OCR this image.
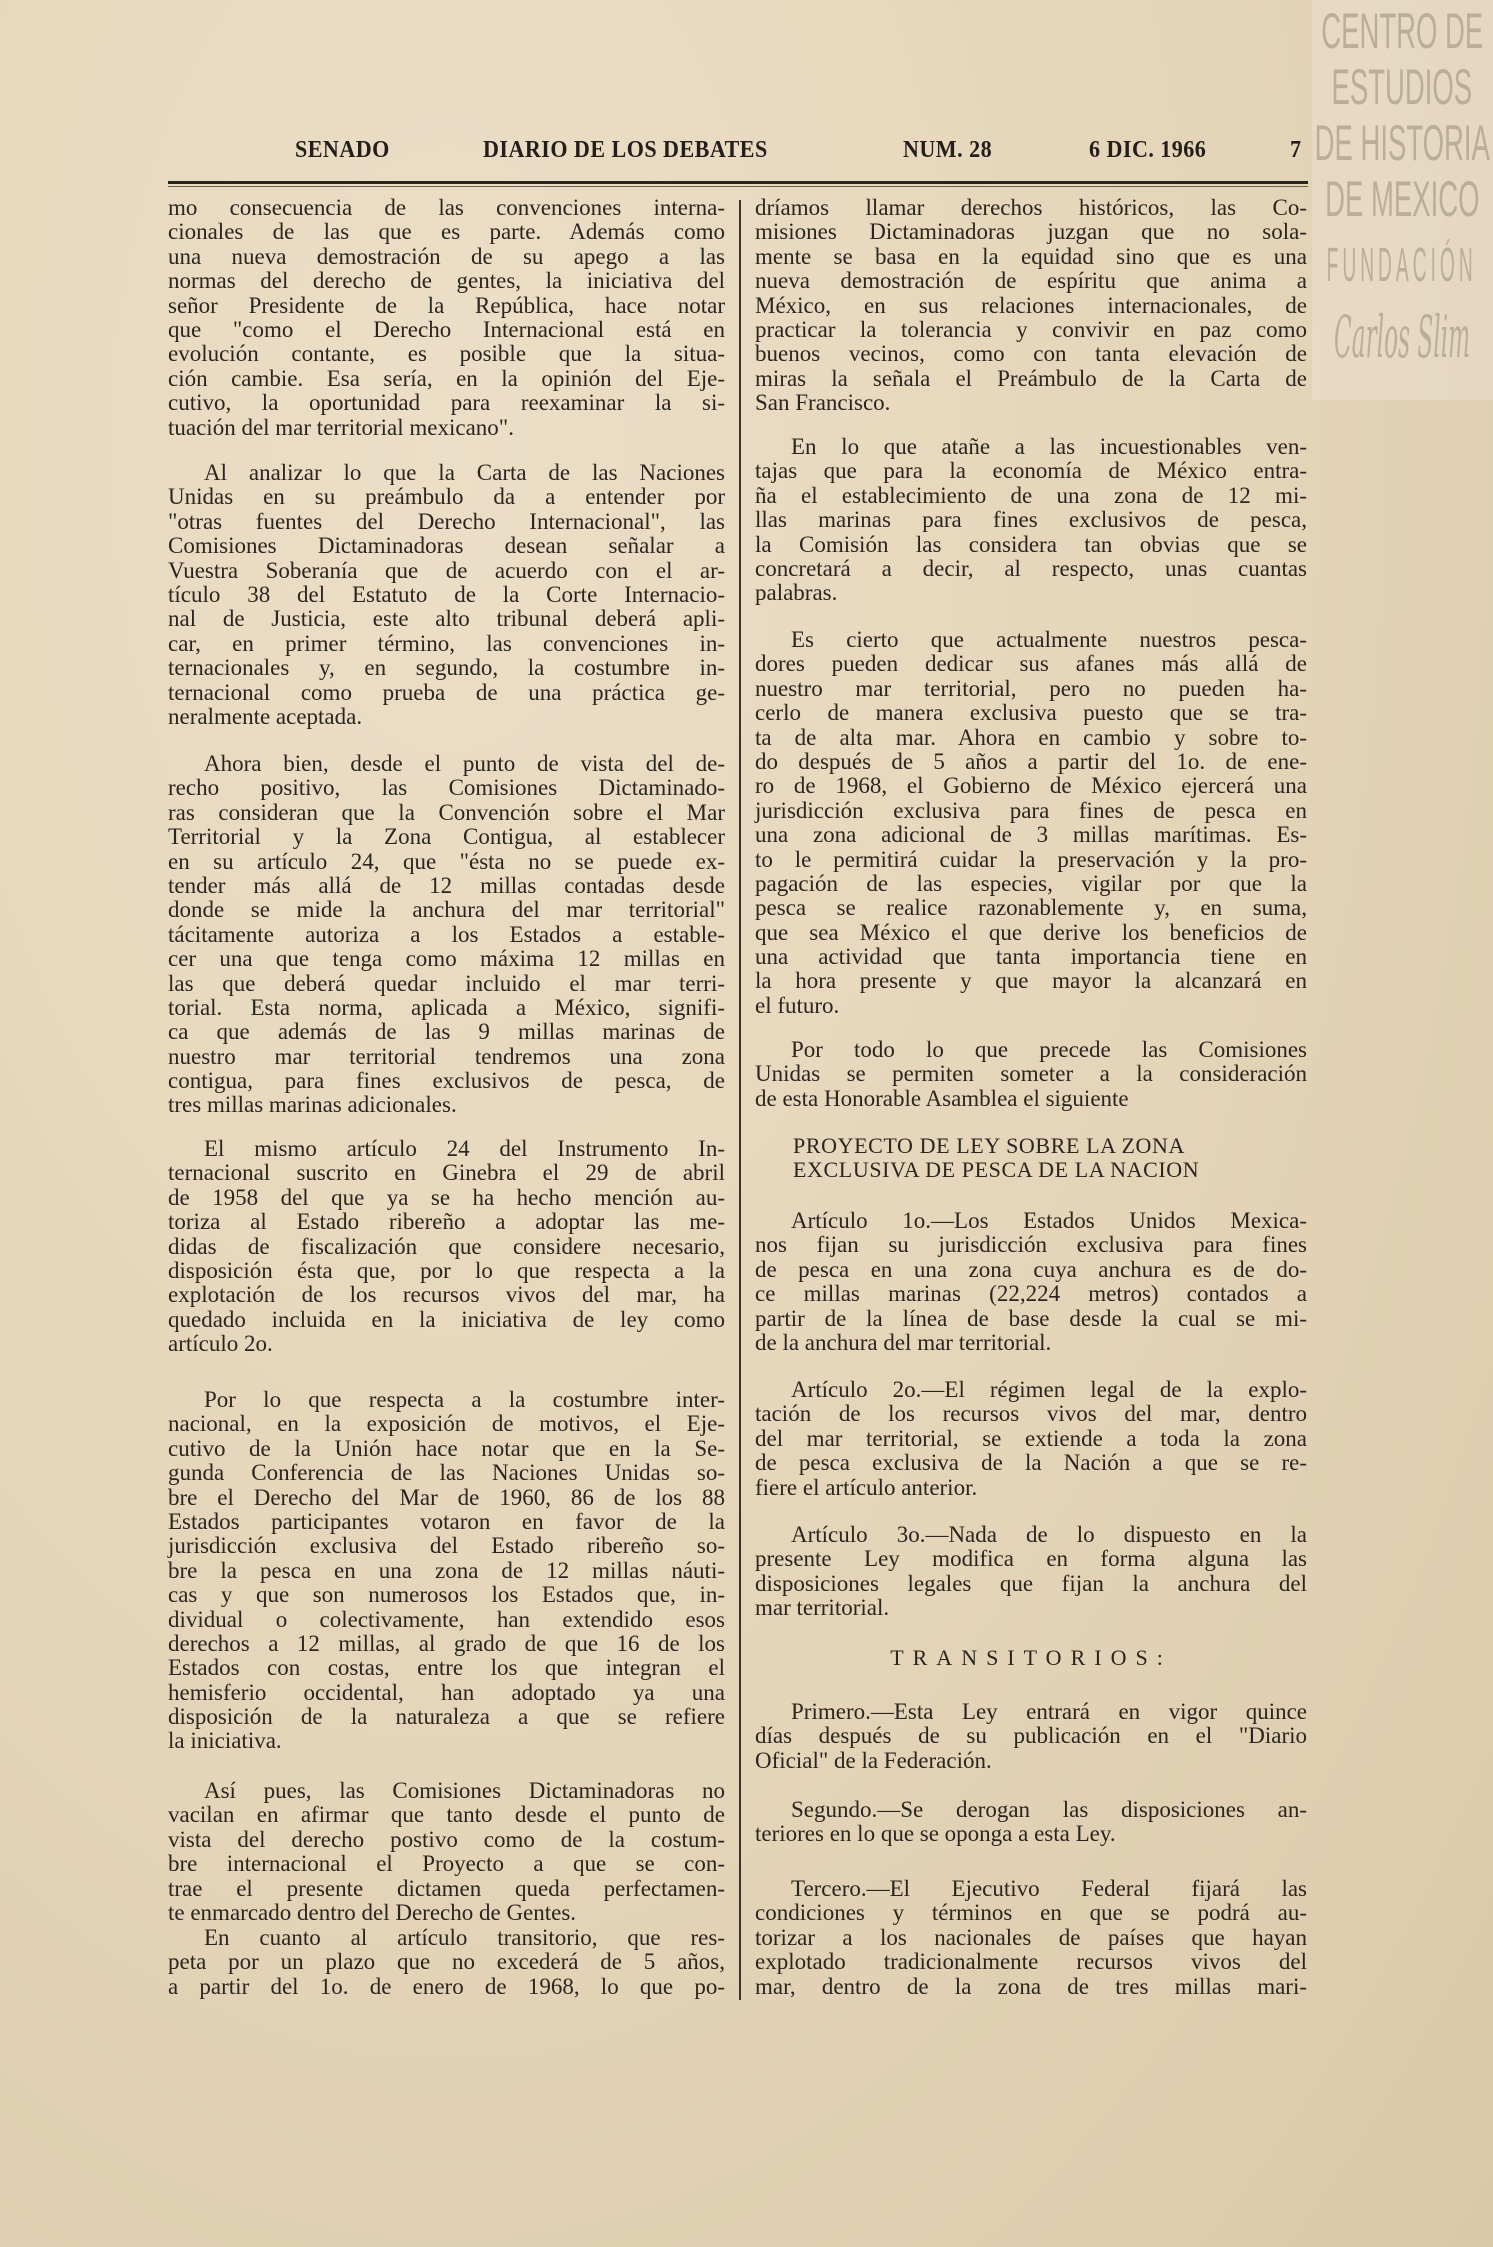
SENADO	DIARIO DE LOS DEBATES	NUM. 28	6 DIC. 1966	7
mo consecuencia de las convenciones interna-
cionales de las que es parte. Además como
una nueva demostración de su apego a las
normas del derecho de gentes, la iniciativa del
señor Presidente de la República, hace notar
que "como el Derecho Internacional está en
evolución contante, es posible que la situa-
ción cambie. Esa sería, en la opinión del Eje-
cutivo, la oportunidad para reexaminar la si-
tuación del mar territorial mexicano".
Al analizar lo que la Carta de las Naciones
Unidas en su preámbulo da a entender por
"otras fuentes del Derecho Internacional", las
Comisiones Dictaminadoras desean señalar a
Vuestra Soberanía que de acuerdo con el ar-
tículo 38 del Estatuto de la Corte Internacio-
nal de Justicia, este alto tribunal deberá apli-
car, en primer término, las convenciones in-
ternacionales y, en segundo, la costumbre in-
ternacional como prueba de una práctica ge-
neralmente aceptada.
Ahora bien, desde el punto de vista del de-
recho positivo, las Comisiones Dictaminado-
ras consideran que la Convención sobre el Mar
Territorial y la Zona Contigua, al establecer
en su artículo 24, que "ésta no se puede ex-
tender más allá de 12 millas contadas desde
donde se mide la anchura del mar territorial"
tácitamente autoriza a los Estados a estable-
cer una que tenga como máxima 12 millas en
las que deberá quedar incluido el mar terri-
torial. Esta norma, aplicada a México, signifi-
ca que además de las 9 millas marinas de
nuestro mar territorial tendremos una zona
contigua, para fines exclusivos de pesca, de
tres millas marinas adicionales.
El mismo artículo 24 del Instrumento In-
ternacional suscrito en Ginebra el 29 de abril
de 1958 del que ya se ha hecho mención au-
toriza al Estado ribereño a adoptar las me-
didas de fiscalización que considere necesario,
disposición ésta que, por lo que respecta a la
explotación de los recursos vivos del mar, ha
quedado incluida en la iniciativa de ley como
artículo 2o.
Por lo que respecta a la costumbre inter-
nacional, en la exposición de motivos, el Eje-
cutivo de la Unión hace notar que en la Se-
gunda Conferencia de las Naciones Unidas so-
bre el Derecho del Mar de 1960, 86 de los 88
Estados participantes votaron en favor de la
jurisdicción exclusiva del Estado ribereño so-
bre la pesca en una zona de 12 millas náuti-
cas y que son numerosos los Estados que, in-
dividual o colectivamente, han extendido esos
derechos a 12 millas, al grado de que 16 de los
Estados con costas, entre los que integran el
hemisferio occidental, han adoptado ya una
disposición de la naturaleza a que se refiere
la iniciativa.
Así pues, las Comisiones Dictaminadoras no
vacilan en afirmar que tanto desde el punto de
vista del derecho postivo como de la costum-
bre internacional el Proyecto a que se con-
trae el presente dictamen queda perfectamen-
te enmarcado dentro del Derecho de Gentes.
En cuanto al artículo transitorio, que res-
peta por un plazo que no excederá de 5 años,
a partir del 1o. de enero de 1968, lo que po-
dríamos llamar derechos históricos, las Co-
misiones Dictaminadoras juzgan que no sola-
mente se basa en la equidad sino que es una
nueva demostración de espíritu que anima a
México, en sus relaciones internacionales, de
practicar la tolerancia y convivir en paz como
buenos vecinos, como con tanta elevación de
miras la señala el Preámbulo de la Carta de
San Francisco.
En lo que atañe a las incuestionables ven-
tajas que para la economía de México entra-
ña el establecimiento de una zona de 12 mi-
llas marinas para fines exclusivos de pesca,
la Comisión las considera tan obvias que se
concretará a decir, al respecto, unas cuantas
palabras.
Es cierto que actualmente nuestros pesca-
dores pueden dedicar sus afanes más allá de
nuestro mar territorial, pero no pueden ha-
cerlo de manera exclusiva puesto que se tra-
ta de alta mar. Ahora en cambio y sobre to-
do después de 5 años a partir del 1o. de ene-
ro de 1968, el Gobierno de México ejercerá una
jurisdicción exclusiva para fines de pesca en
una zona adicional de 3 millas marítimas. Es-
to le permitirá cuidar la preservación y la pro-
pagación de las especies, vigilar por que la
pesca se realice razonablemente y, en suma,
que sea México el que derive los beneficios de
una actividad que tanta importancia tiene en
la hora presente y que mayor la alcanzará en
el futuro.
Por todo lo que precede las Comisiones
Unidas se permiten someter a la consideración
de esta Honorable Asamblea el siguiente
Artículo 1o.—Los Estados Unidos Mexica-
nos fijan su jurisdicción exclusiva para fines
de pesca en una zona cuya anchura es de do-
ce millas marinas (22,224 metros) contados a
partir de la línea de base desde la cual se mi-
de la anchura del mar territorial.
Artículo 2o.—El régimen legal de la explo-
tación de los recursos vivos del mar, dentro
del mar territorial, se extiende a toda la zona
de pesca exclusiva de la Nación a que se re-
fiere el artículo anterior.
Artículo 3o.—Nada de lo dispuesto en la
presente Ley modifica en forma alguna las
disposiciones legales que fijan la anchura del
mar territorial.
Primero.—Esta Ley entrará en vigor quince
días después de su publicación en el "Diario
Oficial" de la Federación.
Segundo.—Se derogan las disposiciones an-
teriores en lo que se oponga a esta Ley.
Tercero.—El Ejecutivo Federal fijará las
condiciones y términos en que se podrá au-
torizar a los nacionales de países que hayan
explotado tradicionalmente recursos vivos del
mar, dentro de la zona de tres millas mari-
PROYECTO DE LEY SOBRE LA ZONA
EXCLUSIVA DE PESCA DE LA NACION
TRANSITORIOS:
CENTRO DE
ESTUDIOS
DE HISTORIA
DE MEXICO
FUNDACIÓN
Carlos Slim
